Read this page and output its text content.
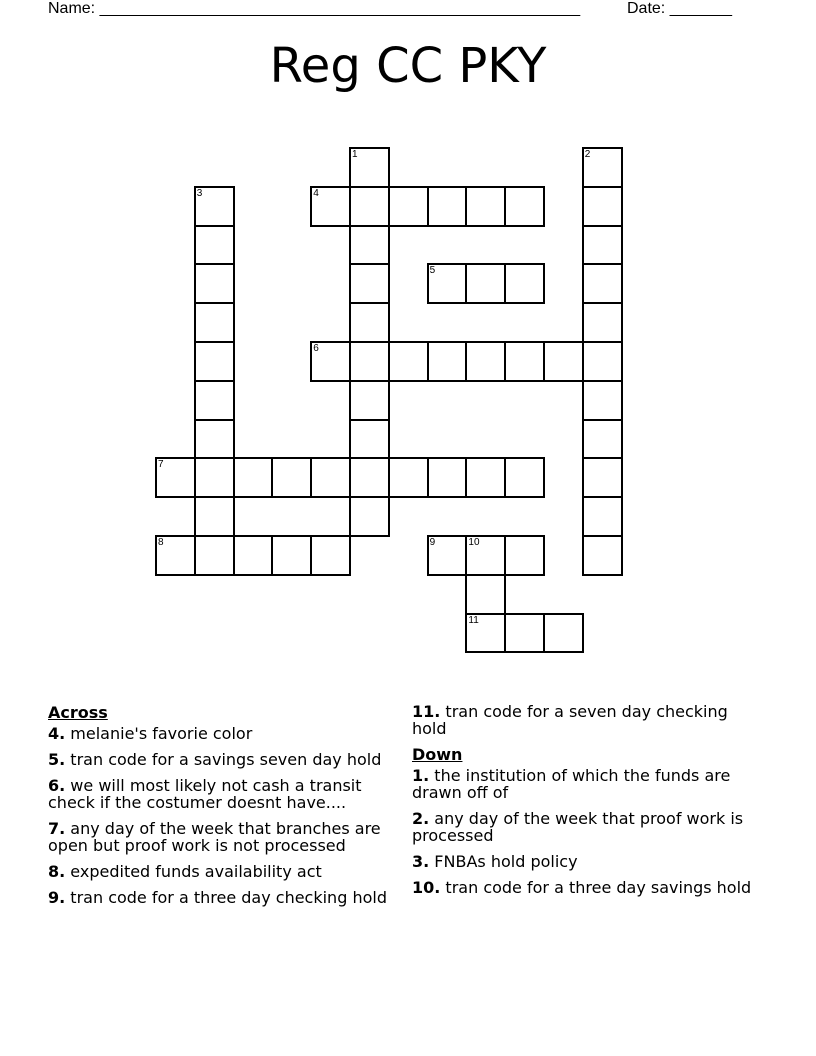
Name: ______________________________________________________	Date: _______
Reg CC PKY
1	2
3	4
5
6
7
8	9	10
11
Across
4. melanie's favorie color
5. tran code for a savings seven day hold
6. we will most likely not cash a transit check if the costumer doesnt have....
7. any day of the week that branches are open but proof work is not processed
8. expedited funds availability act
9. tran code for a three day checking hold
11. tran code for a seven day checking hold
Down
1. the institution of which the funds are drawn off of
2. any day of the week that proof work is processed
3. FNBAs hold policy
10. tran code for a three day savings hold
